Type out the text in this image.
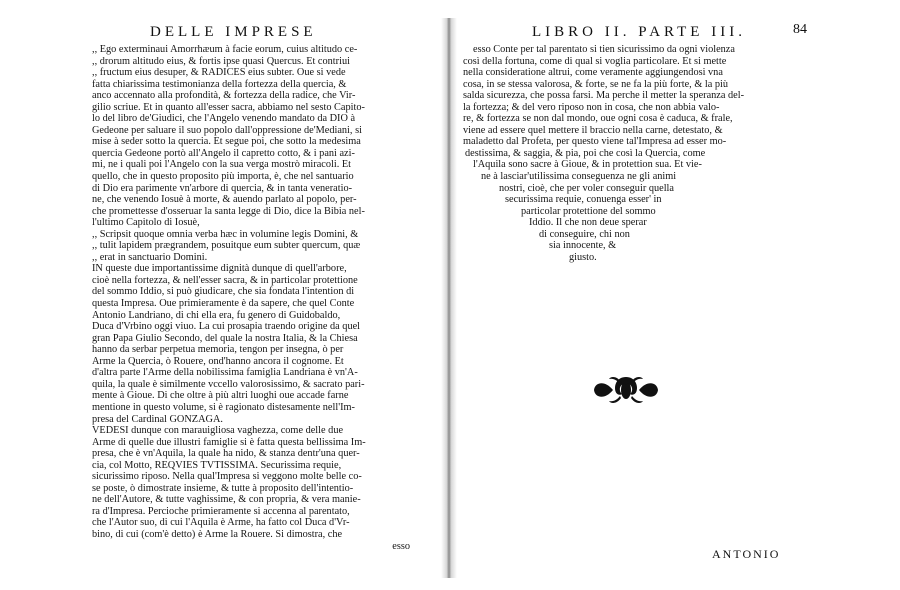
DELLE IMPRESE
,, Ego exterminaui Amorrhæum à facie eorum, cuius altitudo ce-
,, drorum altitudo eius, & fortis ipse quasi Quercus. Et contriui
,, fructum eius desuper, & RADICES eius subter. Oue si vede
fatta chiarissima testimonianza della fortezza della quercia, &
anco accennato alla profondità, & fortezza della radice, che Vir-
gilio scriue. Et in quanto all'esser sacra, abbiamo nel sesto Capito-
lo del libro de'Giudici, che l'Angelo venendo mandato da DIO à
Gedeone per saluare il suo popolo dall'oppressione de'Mediani, si
mise à seder sotto la quercia. Et segue poi, che sotto la medesima
quercia Gedeone portò all'Angelo il capretto cotto, & i pani azi-
mi, ne i quali poi l'Angelo con la sua verga mostrò miracoli. Et
quello, che in questo proposito più importa, è, che nel santuario
di Dio era parimente vn'arbore di quercia, & in tanta veneratio-
ne, che venendo Iosuè à morte, & auendo parlato al popolo, per-
che promettesse d'osseruar la santa legge di Dio, dice la Bibia nel-
l'ultimo Capitolo di Iosuè,
,, Scripsit quoque omnia verba hæc in volumine legis Domini, &
,, tulit lapidem prægrandem, posuitque eum subter quercum, quæ
,, erat in sanctuario Domini.
IN queste due importantissime dignità dunque di quell'arbore,
cioè nella fortezza, & nell'esser sacra, & in particolar protettione
del sommo Iddio, si può giudicare, che sia fondata l'intention di
questa Impresa. Oue primieramente è da sapere, che quel Conte
Antonio Landriano, di chi ella era, fu genero di Guidobaldo,
Duca d'Vrbino oggi viuo. La cui prosapia traendo origine da quel
gran Papa Giulio Secondo, del quale la nostra Italia, & la Chiesa
hanno da serbar perpetua memoria, tengon per insegna, ò per
Arme la Quercia, ò Rouere, ond'hanno ancora il cognome. Et
d'altra parte l'Arme della nobilissima famiglia Landriana è vn'A-
quila, la quale è similmente vccello valorosissimo, & sacrato pari-
mente à Gioue. Di che oltre à più altri luoghi oue accade farne
mentione in questo volume, si è ragionato distesamente nell'Im-
presa del Cardinal GONZAGA.
VEDESI dunque con marauigliosa vaghezza, come delle due
Arme di quelle due illustri famiglie si è fatta questa bellissima Im-
presa, che è vn'Aquila, la quale ha nido, & stanza dentr'una quer-
cia, col Motto, REQVIES TVTISSIMA. Securissima requie,
sicurissimo riposo. Nella qual'Impresa si veggono molte belle co-
se poste, ò dimostrate insieme, & tutte à proposito dell'intentio-
ne dell'Autore, & tutte vaghissime, & con propria, & vera manie-
ra d'Impresa. Percioche primieramente si accenna al parentato,
che l'Autor suo, di cui l'Aquila è Arme, ha fatto col Duca d'Vr-
bino, di cui (com'è detto) è Arme la Rouere. Si dimostra, che
esso
LIBRO II. PARTE III.	84
esso Conte per tal parentato si tien sicurissimo da ogni violenza
così della fortuna, come di qual si voglia particolare. Et si mette
nella consideratione altrui, come veramente aggiungendosi vna
cosa, in se stessa valorosa, & forte, se ne fa la più forte, & la più
salda sicurezza, che possa farsi. Ma perche il metter la speranza del-
la fortezza; & del vero riposo non in cosa, che non abbia valo-
re, & fortezza se non dal mondo, oue ogni cosa è caduca, & frale,
viene ad essere quel mettere il braccio nella carne, detestato, &
maladetto dal Profeta, per questo viene tal'Impresa ad esser mo-
destissima, & saggia, & pia, poi che così la Quercia, come
l'Aquila sono sacre à Gioue, & in protettion sua. Et vie-
ne à lasciar'utilissima conseguenza ne gli animi
nostri, cioè, che per voler conseguir quella
securissima requie, conuenga esser' in
particolar protettione del sommo
Iddio. Il che non deue sperar
di conseguire, chi non
sia innocente, &
giusto.
ANTONIO
